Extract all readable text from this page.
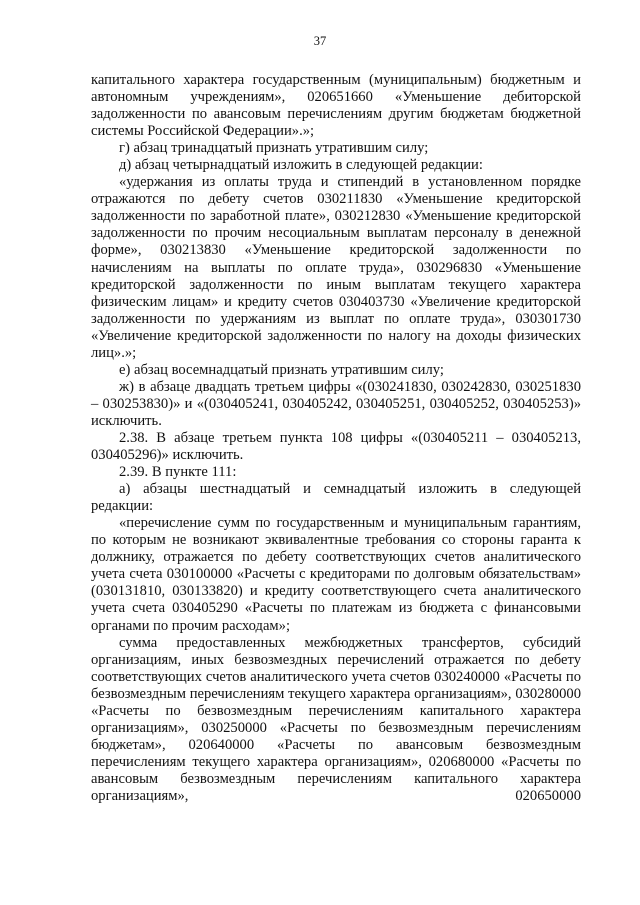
37

капитального характера государственным (муниципальным) бюджетным и автономным учреждениям», 020651660 «Уменьшение дебиторской задолженности по авансовым перечислениям другим бюджетам бюджетной системы Российской Федерации».»;

г) абзац тринадцатый признать утратившим силу;

д) абзац четырнадцатый изложить в следующей редакции:

«удержания из оплаты труда и стипендий в установленном порядке отражаются по дебету счетов 030211830 «Уменьшение кредиторской задолженности по заработной плате», 030212830 «Уменьшение кредиторской задолженности по прочим несоциальным выплатам персоналу в денежной форме», 030213830 «Уменьшение кредиторской задолженности по начислениям на выплаты по оплате труда», 030296830 «Уменьшение кредиторской задолженности по иным выплатам текущего характера физическим лицам» и кредиту счетов 030403730 «Увеличение кредиторской задолженности по удержаниям из выплат по оплате труда», 030301730 «Увеличение кредиторской задолженности по налогу на доходы физических лиц».»;

е) абзац восемнадцатый признать утратившим силу;

ж) в абзаце двадцать третьем цифры «(030241830, 030242830, 030251830 – 030253830)» и «(030405241, 030405242, 030405251, 030405252, 030405253)» исключить.

2.38. В абзаце третьем пункта 108 цифры «(030405211 – 030405213, 030405296)» исключить.

2.39. В пункте 111:

а) абзацы шестнадцатый и семнадцатый изложить в следующей редакции:

«перечисление сумм по государственным и муниципальным гарантиям, по которым не возникают эквивалентные требования со стороны гаранта к должнику, отражается по дебету соответствующих счетов аналитического учета счета 030100000 «Расчеты с кредиторами по долговым обязательствам» (030131810, 030133820) и кредиту соответствующего счета аналитического учета счета 030405290 «Расчеты по платежам из бюджета с финансовыми органами по прочим расходам»;

сумма предоставленных межбюджетных трансфертов, субсидий организациям, иных безвозмездных перечислений отражается по дебету соответствующих счетов аналитического учета счетов 030240000 «Расчеты по безвозмездным перечислениям текущего характера организациям», 030280000 «Расчеты по безвозмездным перечислениям капитального характера организациям», 030250000 «Расчеты по безвозмездным перечислениям бюджетам», 020640000 «Расчеты по авансовым безвозмездным перечислениям текущего характера организациям», 020680000 «Расчеты по авансовым безвозмездным перечислениям капитального характера организациям», 020650000
